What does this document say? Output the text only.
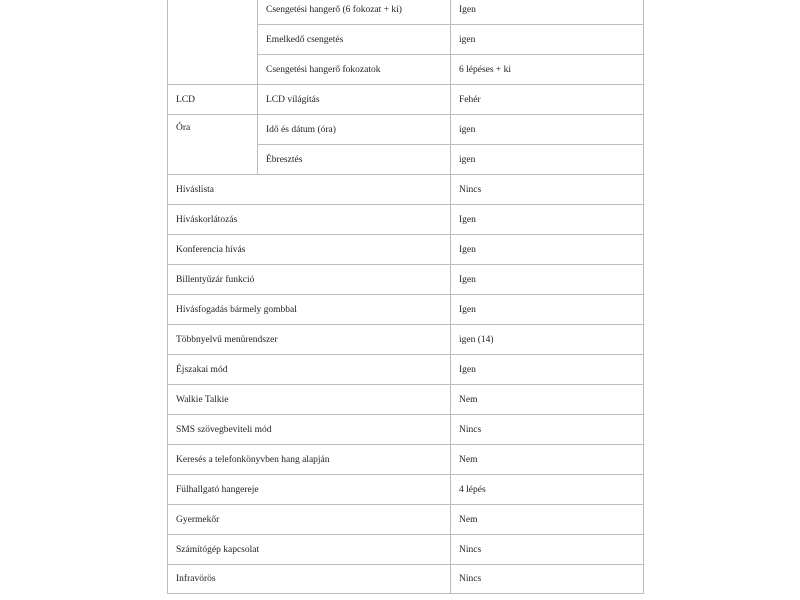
	Csengetési hangerő (6 fokozat + ki)	Igen
	Emelkedő csengetés	igen
	Csengetési hangerő fokozatok	6 lépéses + ki
LCD	LCD világítás	Fehér
Óra	Idő és dátum (óra)	igen
	Ébresztés	igen
Híváslista		Nincs
Híváskorlátozás		Igen
Konferencia hívás		Igen
Billentyűzár funkció		Igen
Hívásfogadás bármely gombbal		Igen
Többnyelvű menürendszer		igen (14)
Éjszakai mód		Igen
Walkie Talkie		Nem
SMS szövegbeviteli mód		Nincs
Keresés a telefonkönyvben hang alapján		Nem
Fülhallgató hangereje		4 lépés
Gyermekőr		Nem
Számítógép kapcsolat		Nincs
Infravörös		Nincs
